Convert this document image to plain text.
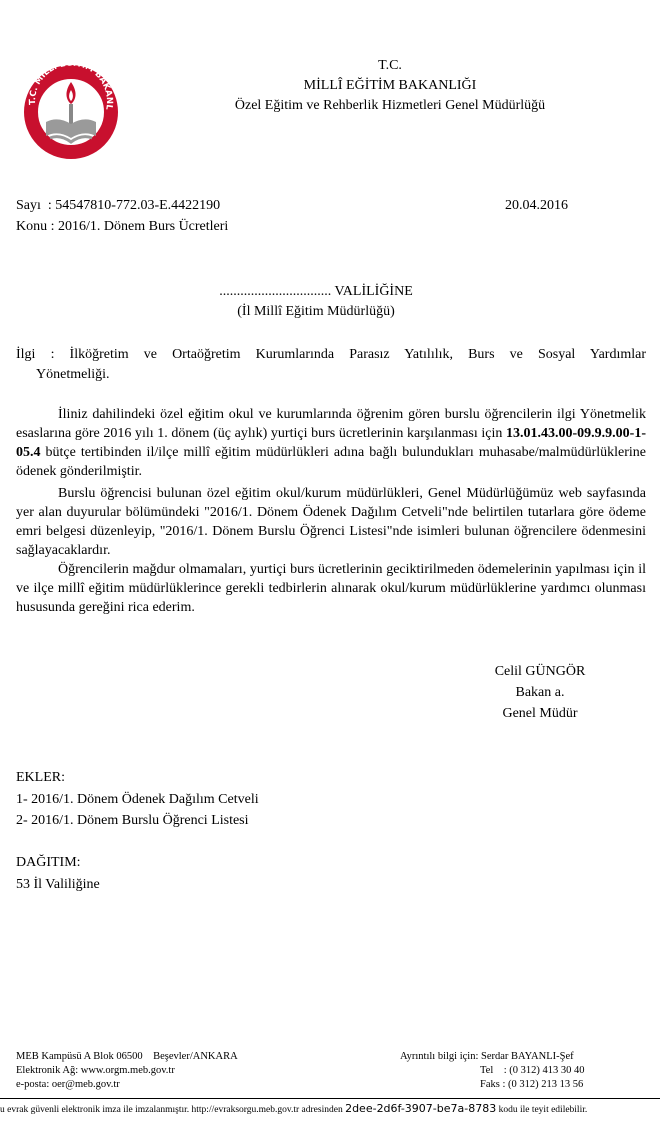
T.C. MİLLÎ EĞİTİM BAKANL
T.C.
MİLLÎ EĞİTİM BAKANLIĞI
Özel Eğitim ve Rehberlik Hizmetleri Genel Müdürlüğü
Sayı : 54547810-772.03-E.4422190	20.04.2016
Konu : 2016/1. Dönem Burs Ücretleri
................................ VALİLİĞİNE
(İl Millî Eğitim Müdürlüğü)
İlgi : İlköğretim ve Ortaöğretim Kurumlarında Parasız Yatılılık, Burs ve Sosyal Yardımlar
Yönetmeliği.
İliniz dahilindeki özel eğitim okul ve kurumlarında öğrenim gören burslu öğrencilerin ilgi Yönetmelik esaslarına göre 2016 yılı 1. dönem (üç aylık) yurtiçi burs ücretlerinin karşılanması için 13.01.43.00-09.9.9.00-1-05.4 bütçe tertibinden il/ilçe millî eğitim müdürlükleri adına bağlı bulundukları muhasabe/malmüdürlüklerine ödenek gönderilmiştir.
Burslu öğrencisi bulunan özel eğitim okul/kurum müdürlükleri, Genel Müdürlüğümüz web sayfasında yer alan duyurular bölümündeki "2016/1. Dönem Ödenek Dağılım Cetveli"nde belirtilen tutarlara göre ödeme emri belgesi düzenleyip, "2016/1. Dönem Burslu Öğrenci Listesi"nde isimleri bulunan öğrencilere ödenmesini sağlayacaklardır.
Öğrencilerin mağdur olmamaları, yurtiçi burs ücretlerinin geciktirilmeden ödemelerinin yapılması için il ve ilçe millî eğitim müdürlüklerince gerekli tedbirlerin alınarak okul/kurum müdürlüklerine yardımcı olunması hususunda gereğini rica ederim.
Celil GÜNGÖR
Bakan a.
Genel Müdür
EKLER:
1- 2016/1. Dönem Ödenek Dağılım Cetveli
2- 2016/1. Dönem Burslu Öğrenci Listesi
DAĞITIM:
53 İl Valiliğine
MEB Kampüsü A Blok 06500    Beşevler/ANKARA
Elektronik Ağ: www.orgm.meb.gov.tr
e-posta: oer@meb.gov.tr
Ayrıntılı bilgi için: Serdar BAYANLI-Şef
Tel    : (0 312) 413 30 40
Faks : (0 312) 213 13 56
u evrak güvenli elektronik imza ile imzalanmıştır. http://evraksorgu.meb.gov.tr adresinden 2dee-2d6f-3907-be7a-8783 kodu ile teyit edilebilir.
